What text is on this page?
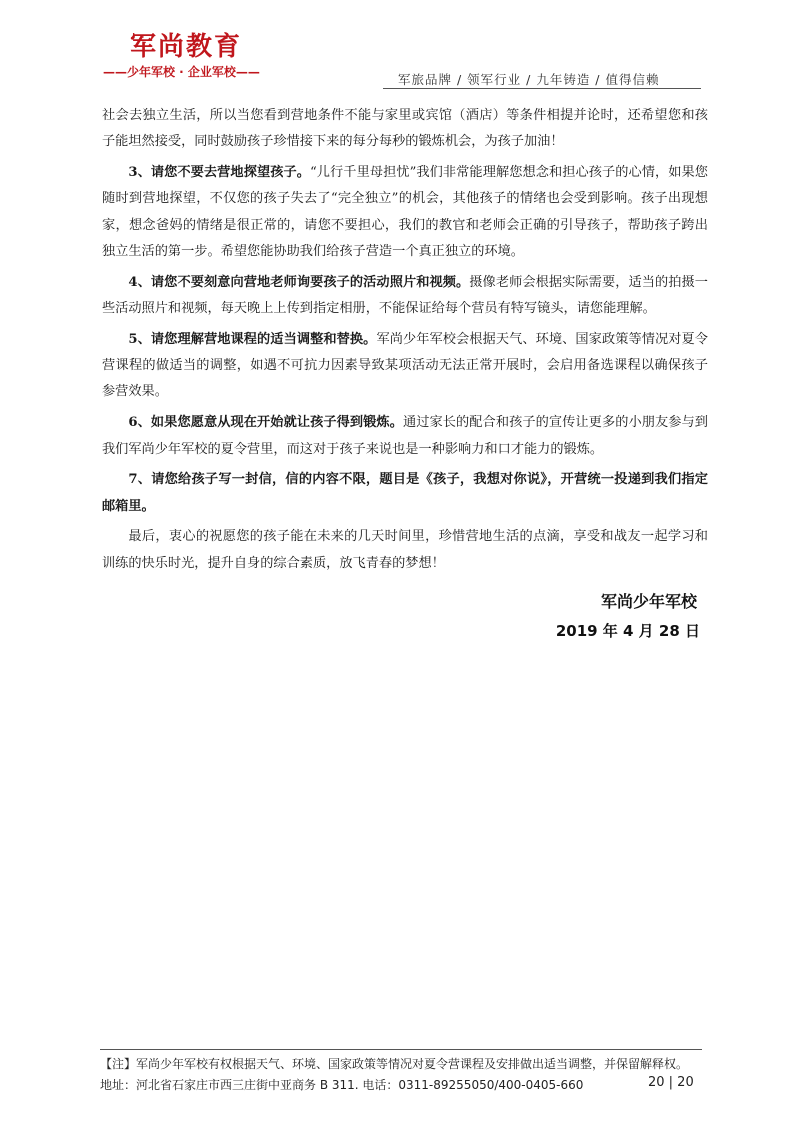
军尚教育
——少年军校 · 企业军校——	军旅品牌 / 领军行业 / 九年铸造 / 值得信赖

社会去独立生活，所以当您看到营地条件不能与家里或宾馆（酒店）等条件相提并论时，还希望您和孩子能坦然接受，同时鼓励孩子珍惜接下来的每分每秒的锻炼机会，为孩子加油！

3、请您不要去营地探望孩子。“儿行千里母担忧”我们非常能理解您想念和担心孩子的心情，如果您随时到营地探望，不仅您的孩子失去了“完全独立”的机会，其他孩子的情绪也会受到影响。孩子出现想家，想念爸妈的情绪是很正常的，请您不要担心，我们的教官和老师会正确的引导孩子，帮助孩子跨出独立生活的第一步。希望您能协助我们给孩子营造一个真正独立的环境。

4、请您不要刻意向营地老师询要孩子的活动照片和视频。摄像老师会根据实际需要，适当的拍摄一些活动照片和视频，每天晚上上传到指定相册，不能保证给每个营员有特写镜头，请您能理解。

5、请您理解营地课程的适当调整和替换。军尚少年军校会根据天气、环境、国家政策等情况对夏令营课程的做适当的调整，如遇不可抗力因素导致某项活动无法正常开展时，会启用备选课程以确保孩子参营效果。

6、如果您愿意从现在开始就让孩子得到锻炼。通过家长的配合和孩子的宣传让更多的小朋友参与到我们军尚少年军校的夏令营里，而这对于孩子来说也是一种影响力和口才能力的锻炼。

7、请您给孩子写一封信，信的内容不限，题目是《孩子，我想对你说》，开营统一投递到我们指定邮箱里。

最后，衷心的祝愿您的孩子能在未来的几天时间里，珍惜营地生活的点滴，享受和战友一起学习和训练的快乐时光，提升自身的综合素质，放飞青春的梦想！

军尚少年军校
2019 年 4 月 28 日
【注】军尚少年军校有权根据天气、环境、国家政策等情况对夏令营课程及安排做出适当调整，并保留解释权。
地址：河北省石家庄市西三庄街中亚商务 B 311. 电话：0311-89255050/400-0405-660	20 | 20
